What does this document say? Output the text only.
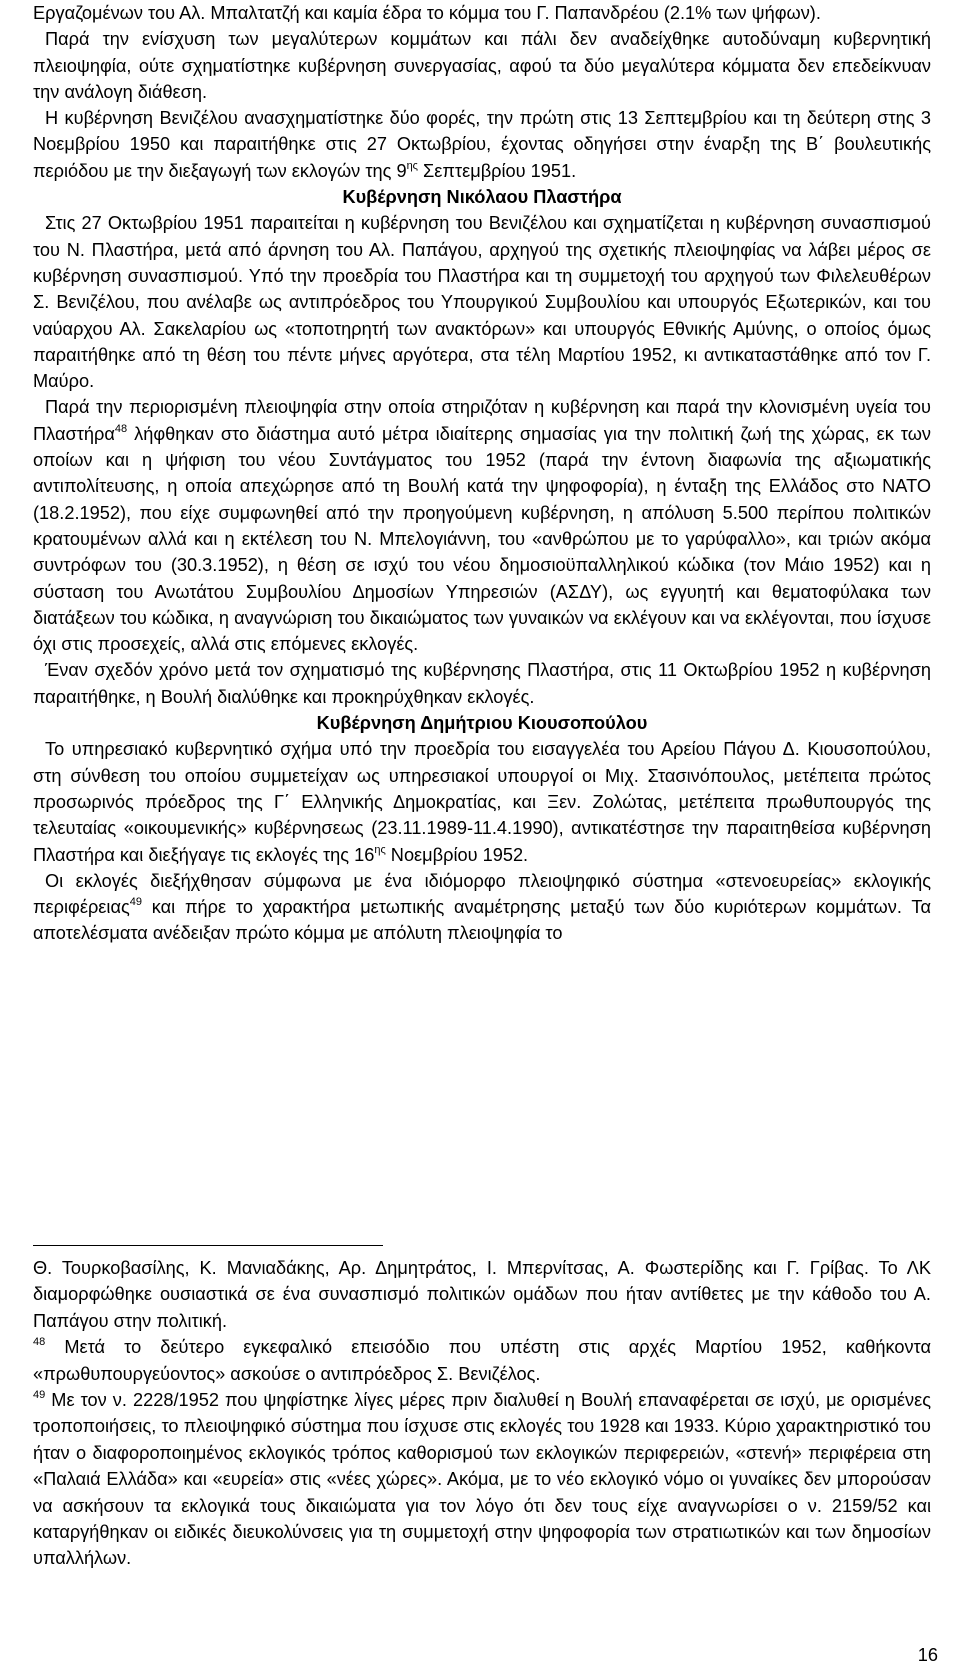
Εργαζομένων του Αλ. Μπαλτατζή και καμία έδρα το κόμμα του Γ. Παπανδρέου (2.1% των ψήφων).

Παρά την ενίσχυση των μεγαλύτερων κομμάτων και πάλι δεν αναδείχθηκε αυτοδύναμη κυβερνητική πλειοψηφία, ούτε σχηματίστηκε κυβέρνηση συνεργασίας, αφού τα δύο μεγαλύτερα κόμματα δεν επεδείκνυαν την ανάλογη διάθεση.

Η κυβέρνηση Βενιζέλου ανασχηματίστηκε δύο φορές, την πρώτη στις 13 Σεπτεμβρίου και τη δεύτερη στης 3 Νοεμβρίου 1950 και παραιτήθηκε στις 27 Οκτωβρίου, έχοντας οδηγήσει στην έναρξη της Β΄ βουλευτικής περιόδου με την διεξαγωγή των εκλογών της $9^{\eta\varsigma}$ Σεπτεμβρίου 1951.

Κυβέρνηση Νικόλαου Πλαστήρα

Στις 27 Οκτωβρίου 1951 παραιτείται η κυβέρνηση του Βενιζέλου και σχηματίζεται η κυβέρνηση συνασπισμού του Ν. Πλαστήρα, μετά από άρνηση του Αλ. Παπάγου, αρχηγού της σχετικής πλειοψηφίας να λάβει μέρος σε κυβέρνηση συνασπισμού. Υπό την προεδρία του Πλαστήρα και τη συμμετοχή του αρχηγού των Φιλελευθέρων Σ. Βενιζέλου, που ανέλαβε ως αντιπρόεδρος του Υπουργικού Συμβουλίου και υπουργός Εξωτερικών, και του ναύαρχου Αλ. Σακελαρίου ως «τοποτηρητή των ανακτόρων» και υπουργός Εθνικής Αμύνης, ο οποίος όμως παραιτήθηκε από τη θέση του πέντε μήνες αργότερα, στα τέλη Μαρτίου 1952, κι αντικαταστάθηκε από τον Γ. Μαύρο.

Παρά την περιορισμένη πλειοψηφία στην οποία στηριζόταν η κυβέρνηση και παρά την κλονισμένη υγεία του Πλαστήρα$^{48}$ λήφθηκαν στο διάστημα αυτό μέτρα ιδιαίτερης σημασίας για την πολιτική ζωή της χώρας, εκ των οποίων και η ψήφιση του νέου Συντάγματος του 1952 (παρά την έντονη διαφωνία της αξιωματικής αντιπολίτευσης, η οποία απεχώρησε από τη Βουλή κατά την ψηφοφορία), η ένταξη της Ελλάδος στο ΝΑΤΟ (18.2.1952), που είχε συμφωνηθεί από την προηγούμενη κυβέρνηση, η απόλυση 5.500 περίπου πολιτικών κρατουμένων αλλά και η εκτέλεση του Ν. Μπελογιάννη, του «ανθρώπου με το γαρύφαλλο», και τριών ακόμα συντρόφων του (30.3.1952), η θέση σε ισχύ του νέου δημοσιοϋπαλληλικού κώδικα (τον Μάιο 1952) και η σύσταση του Ανωτάτου Συμβουλίου Δημοσίων Υπηρεσιών (ΑΣΔΥ), ως εγγυητή και θεματοφύλακα των διατάξεων του κώδικα, η αναγνώριση του δικαιώματος των γυναικών να εκλέγουν και να εκλέγονται, που ίσχυσε όχι στις προσεχείς, αλλά στις επόμενες εκλογές.

Έναν σχεδόν χρόνο μετά τον σχηματισμό της κυβέρνησης Πλαστήρα, στις 11 Οκτωβρίου 1952 η κυβέρνηση παραιτήθηκε, η Βουλή διαλύθηκε και προκηρύχθηκαν εκλογές.

Κυβέρνηση Δημήτριου Κιουσοπούλου

Το υπηρεσιακό κυβερνητικό σχήμα υπό την προεδρία του εισαγγελέα του Αρείου Πάγου Δ. Κιουσοπούλου, στη σύνθεση του οποίου συμμετείχαν ως υπηρεσιακοί υπουργοί οι Μιχ. Στασινόπουλος, μετέπειτα πρώτος προσωρινός πρόεδρος της Γ΄ Ελληνικής Δημοκρατίας, και Ξεν. Ζολώτας, μετέπειτα πρωθυπουργός της τελευταίας «οικουμενικής» κυβέρνησεως (23.11.1989-11.4.1990), αντικατέστησε την παραιτηθείσα κυβέρνηση Πλαστήρα και διεξήγαγε τις εκλογές της $16^{\eta\varsigma}$ Νοεμβρίου 1952.

Οι εκλογές διεξήχθησαν σύμφωνα με ένα ιδιόμορφο πλειοψηφικό σύστημα «στενοευρείας» εκλογικής περιφέρειας$^{49}$ και πήρε το χαρακτήρα μετωπικής αναμέτρησης μεταξύ των δύο κυριότερων κομμάτων. Τα αποτελέσματα ανέδειξαν πρώτο κόμμα με απόλυτη πλειοψηφία το

Θ. Τουρκοβασίλης, Κ. Μανιαδάκης, Αρ. Δημητράτος, Ι. Μπερνίτσας, Α. Φωστερίδης και Γ. Γρίβας. Το ΛΚ διαμορφώθηκε ουσιαστικά σε ένα συνασπισμό πολιτικών ομάδων που ήταν αντίθετες με την κάθοδο του Α. Παπάγου στην πολιτική.

$^{48}$ Μετά το δεύτερο εγκεφαλικό επεισόδιο που υπέστη στις αρχές Μαρτίου 1952, καθήκοντα «πρωθυπουργεύοντος» ασκούσε ο αντιπρόεδρος Σ. Βενιζέλος.

$^{49}$ Με τον ν. 2228/1952 που ψηφίστηκε λίγες μέρες πριν διαλυθεί η Βουλή επαναφέρεται σε ισχύ, με ορισμένες τροποποιήσεις, το πλειοψηφικό σύστημα που ίσχυσε στις εκλογές του 1928 και 1933. Κύριο χαρακτηριστικό του ήταν ο διαφοροποιημένος εκλογικός τρόπος καθορισμού των εκλογικών περιφερειών, «στενή» περιφέρεια στη «Παλαιά Ελλάδα» και «ευρεία» στις «νέες χώρες». Ακόμα, με το νέο εκλογικό νόμο οι γυναίκες δεν μπορούσαν να ασκήσουν τα εκλογικά τους δικαιώματα για τον λόγο ότι δεν τους είχε αναγνωρίσει ο ν. 2159/52 και καταργήθηκαν οι ειδικές διευκολύνσεις για τη συμμετοχή στην ψηφοφορία των στρατιωτικών και των δημοσίων υπαλλήλων.

16
